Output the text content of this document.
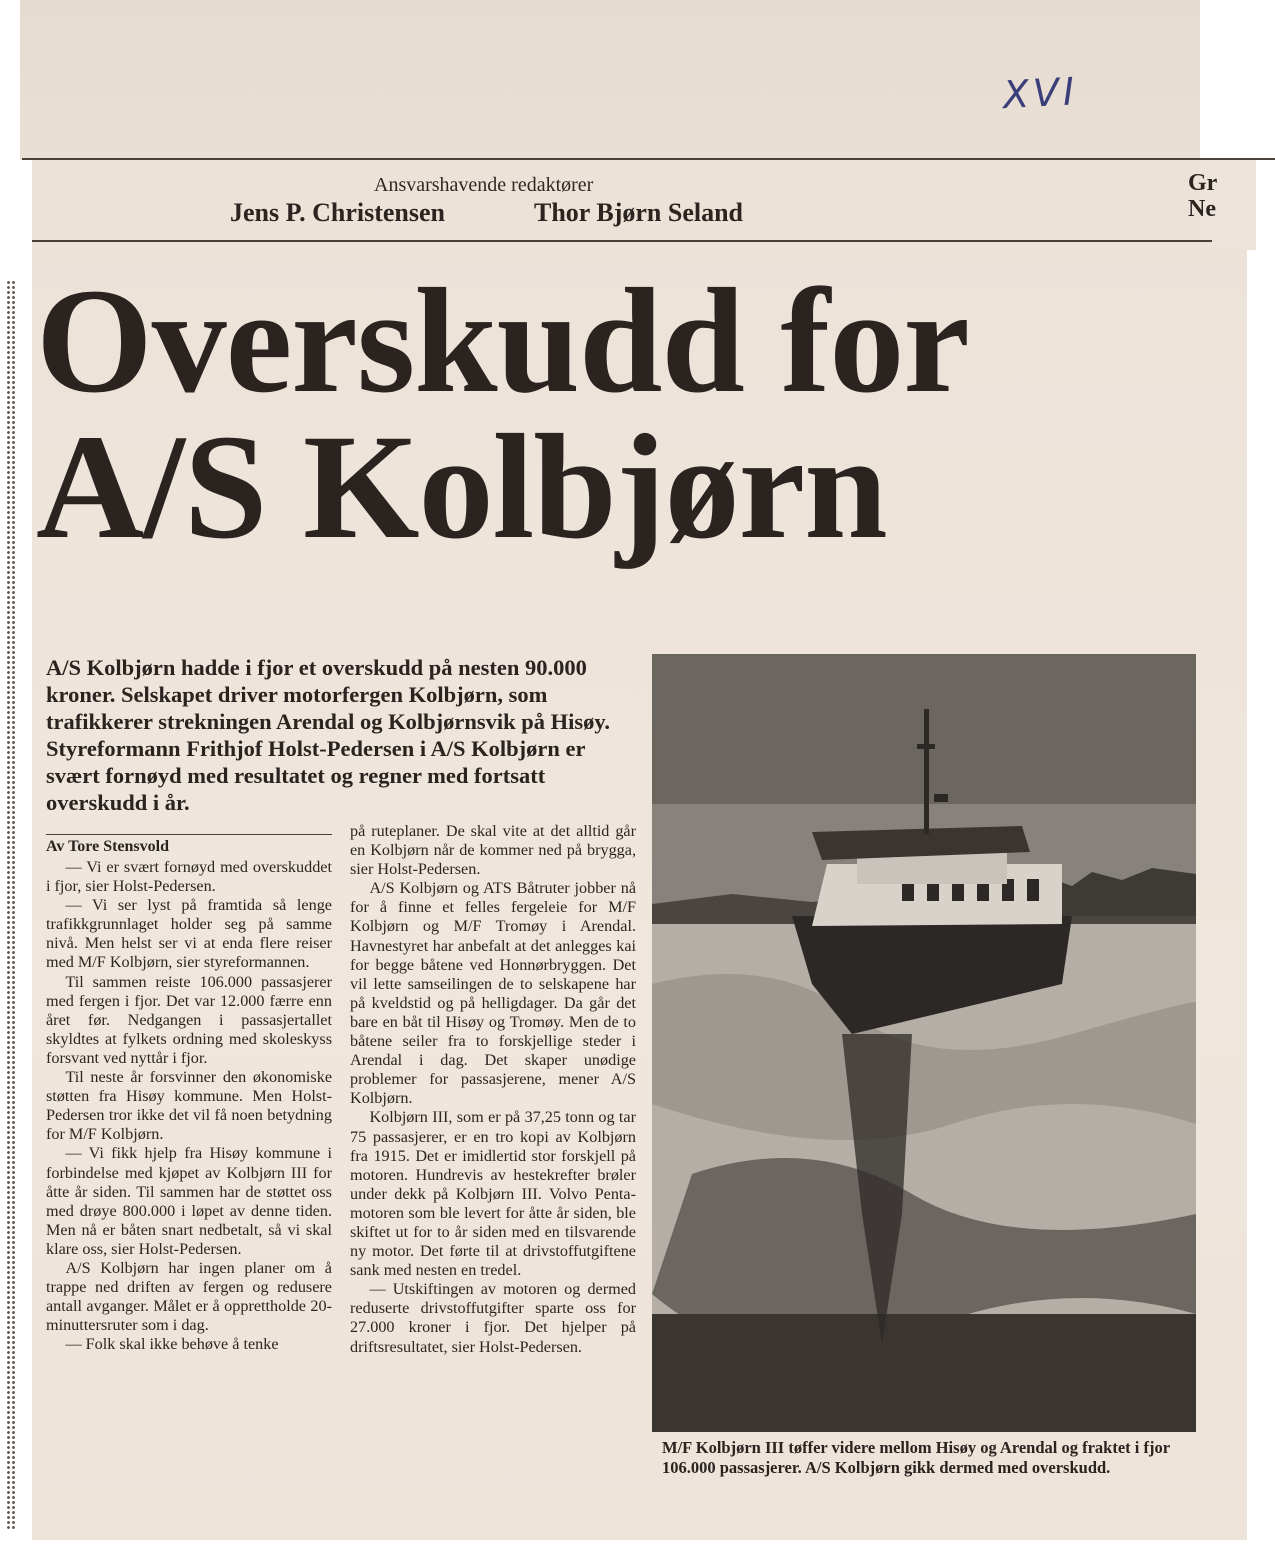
XVI
Ansvarshavende redaktører
Jens P. Christensen	Thor Bjørn Seland
Gr
Ne
Overskudd for
A/S Kolbjørn

A/S Kolbjørn hadde i fjor et overskudd på nesten 90.000 kroner. Selskapet driver motorfergen Kolbjørn, som trafikkerer strekningen Arendal og Kolbjørnsvik på Hisøy. Styreformann Frithjof Holst-Pedersen i A/S Kolbjørn er svært fornøyd med resultatet og regner med fortsatt overskudd i år.

Av Tore Stensvold

— Vi er svært fornøyd med overskuddet i fjor, sier Holst-Pedersen.

— Vi ser lyst på framtida så lenge trafikkgrunnlaget holder seg på samme nivå. Men helst ser vi at enda flere reiser med M/F Kolbjørn, sier styreformannen.

Til sammen reiste 106.000 passasjerer med fergen i fjor. Det var 12.000 færre enn året før. Nedgangen i passasjertallet skyldtes at fylkets ordning med skoleskyss forsvant ved nyttår i fjor.

Til neste år forsvinner den økonomiske støtten fra Hisøy kommune. Men Holst-Pedersen tror ikke det vil få noen betydning for M/F Kolbjørn.

— Vi fikk hjelp fra Hisøy kommune i forbindelse med kjøpet av Kolbjørn III for åtte år siden. Til sammen har de støttet oss med drøye 800.000 i løpet av denne tiden. Men nå er båten snart nedbetalt, så vi skal klare oss, sier Holst-Pedersen.

A/S Kolbjørn har ingen planer om å trappe ned driften av fergen og redusere antall avganger. Målet er å opprettholde 20-minuttersruter som i dag.

— Folk skal ikke behøve å tenke

på ruteplaner. De skal vite at det alltid går en Kolbjørn når de kommer ned på brygga, sier Holst-Pedersen.

A/S Kolbjørn og ATS Båtruter jobber nå for å finne et felles fergeleie for M/F Kolbjørn og M/F Tromøy i Arendal. Havnestyret har anbefalt at det anlegges kai for begge båtene ved Honnørbryggen. Det vil lette samseilingen de to selskapene har på kveldstid og på helligdager. Da går det bare en båt til Hisøy og Tromøy. Men de to båtene seiler fra to forskjellige steder i Arendal i dag. Det skaper unødige problemer for passasjerene, mener A/S Kolbjørn.

Kolbjørn III, som er på 37,25 tonn og tar 75 passasjerer, er en tro kopi av Kolbjørn fra 1915. Det er imidlertid stor forskjell på motoren. Hundrevis av hestekrefter brøler under dekk på Kolbjørn III. Volvo Penta-motoren som ble levert for åtte år siden, ble skiftet ut for to år siden med en tilsvarende ny motor. Det førte til at drivstoffutgiftene sank med nesten en tredel.

— Utskiftingen av motoren og dermed reduserte drivstoffutgifter sparte oss for 27.000 kroner i fjor. Det hjelper på driftsresultatet, sier Holst-Pedersen.

M/F Kolbjørn III tøffer videre mellom Hisøy og Arendal og fraktet i fjor 106.000 passasjerer. A/S Kolbjørn gikk dermed med overskudd.
